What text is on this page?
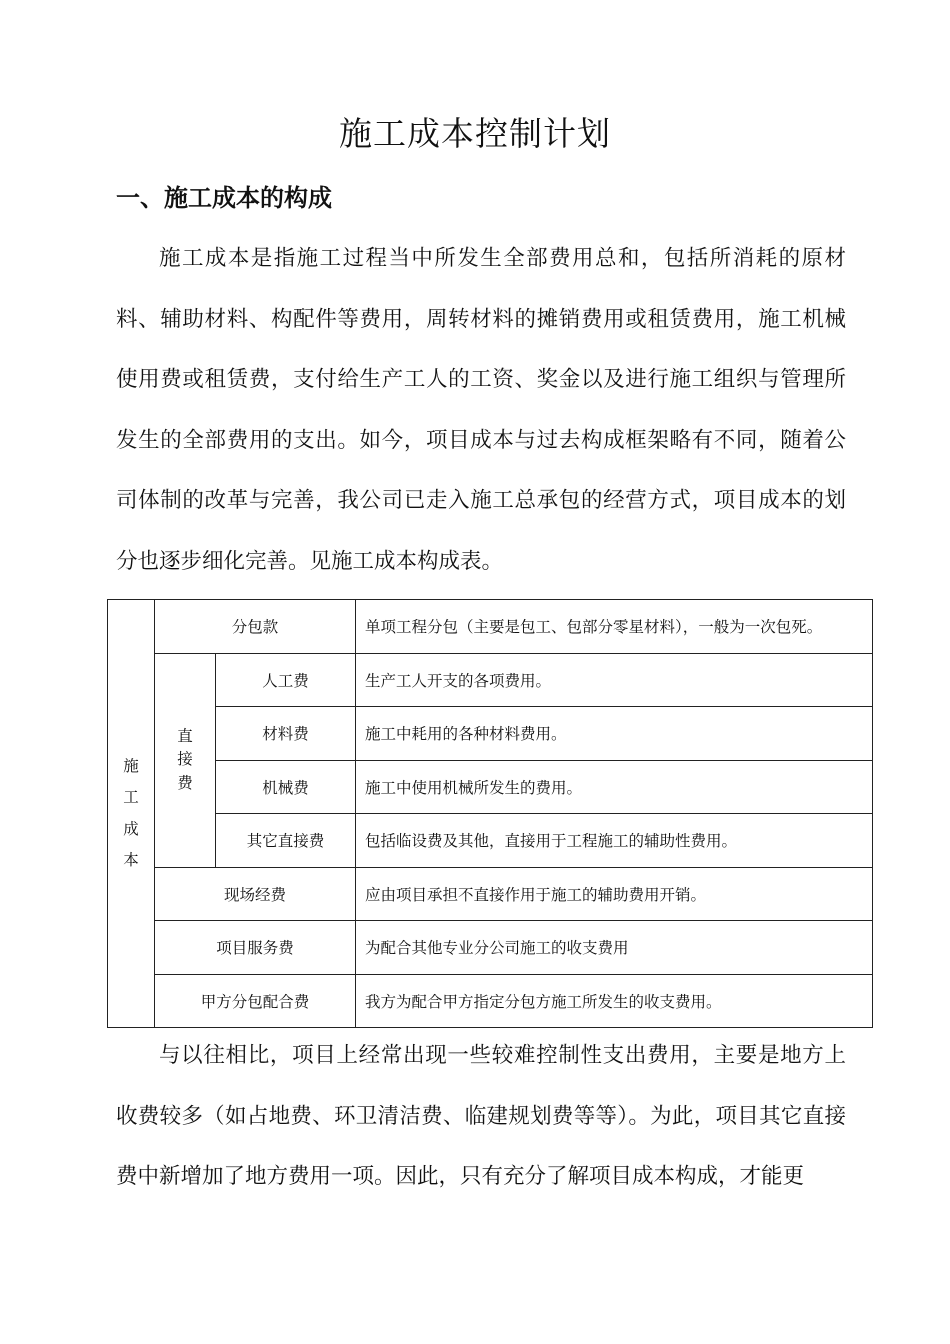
施工成本控制计划
一、施工成本的构成

施工成本是指施工过程当中所发生全部费用总和，包括所消耗的原材料、辅助材料、构配件等费用，周转材料的摊销费用或租赁费用，施工机械使用费或租赁费，支付给生产工人的工资、奖金以及进行施工组织与管理所发生的全部费用的支出。如今，项目成本与过去构成框架略有不同，随着公司体制的改革与完善，我公司已走入施工总承包的经营方式，项目成本的划分也逐步细化完善。见施工成本构成表。

施
工
成
本	分包款		单项工程分包（主要是包工、包部分零星材料），一般为一次包死。

	直
接
费	人工费	生产工人开支的各项费用。
		材料费	施工中耗用的各种材料费用。
		机械费	施工中使用机械所发生的费用。
		其它直接费	包括临设费及其他，直接用于工程施工的辅助性费用。
	现场经费		应由项目承担不直接作用于施工的辅助费用开销。
	项目服务费		为配合其他专业分公司施工的收支费用
	甲方分包配合费		我方为配合甲方指定分包方施工所发生的收支费用。

与以往相比，项目上经常出现一些较难控制性支出费用，主要是地方上收费较多（如占地费、环卫清洁费、临建规划费等等）。为此，项目其它直接费中新增加了地方费用一项。因此，只有充分了解项目成本构成，才能更
